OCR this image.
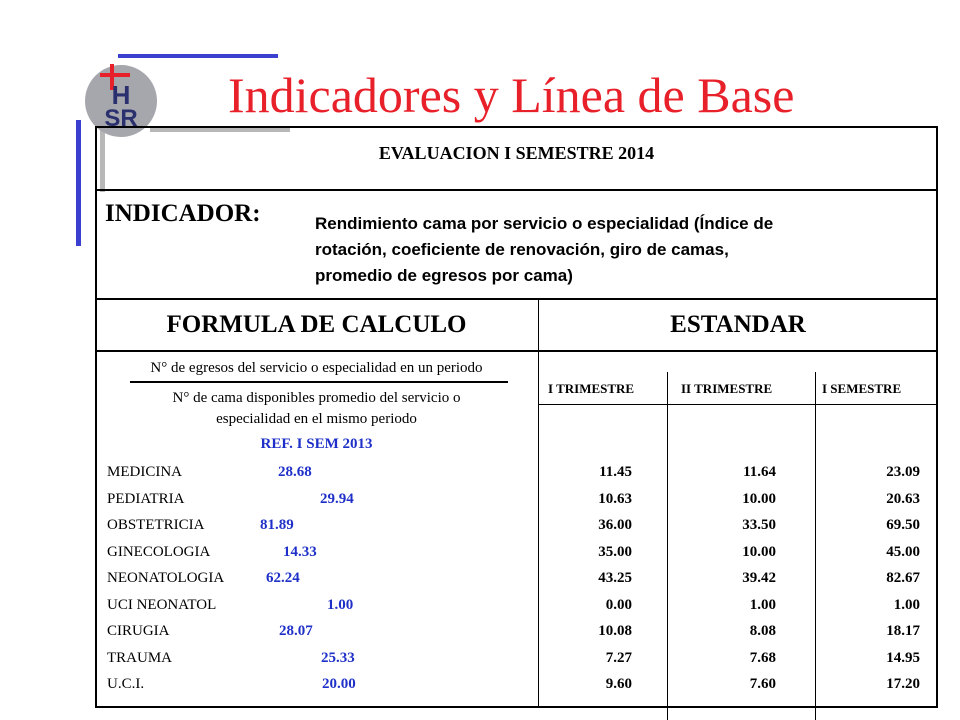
H
SR Indicadores y Línea de Base
EVALUACION I SEMESTRE 2014
INDICADOR:	Rendimiento cama por servicio o especialidad (Índice de
rotación, coeficiente de renovación, giro de camas,
promedio de egresos por cama)
FORMULA DE CALCULO	ESTANDAR
N° de egresos del servicio o especialidad en un periodo
N° de cama disponibles promedio del servicio o
especialidad en el mismo periodo
REF. I SEM 2013
I TRIMESTRE	II TRIMESTRE	I SEMESTRE
MEDICINA	28.68	11.45	11.64	23.09
PEDIATRIA	29.94	10.63	10.00	20.63
OBSTETRICIA	81.89	36.00	33.50	69.50
GINECOLOGIA	14.33	35.00	10.00	45.00
NEONATOLOGIA	62.24	43.25	39.42	82.67
UCI NEONATOL	1.00	0.00	1.00	1.00
CIRUGIA	28.07	10.08	8.08	18.17
TRAUMA	25.33	7.27	7.68	14.95
U.C.I.	20.00	9.60	7.60	17.20
